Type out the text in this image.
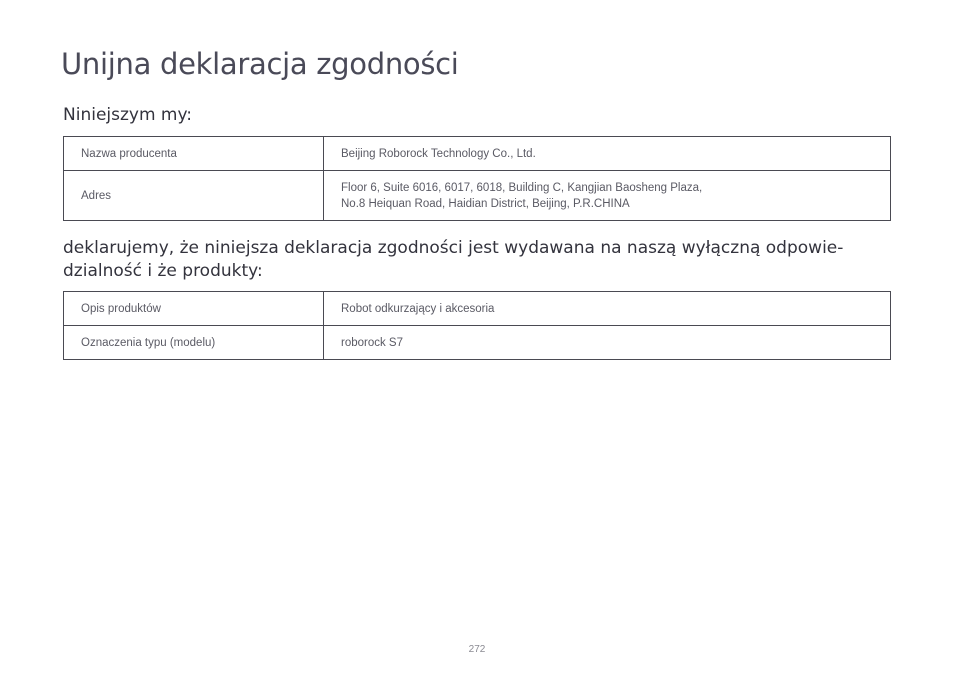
Unijna deklaracja zgodności
Niniejszym my:
Nazwa producenta	Beijing Roborock Technology Co., Ltd.

Adres	Floor 6, Suite 6016, 6017, 6018, Building C, Kangjian Baosheng Plaza,
No.8 Heiquan Road, Haidian District, Beijing, P.R.CHINA
deklarujemy, że niniejsza deklaracja zgodności jest wydawana na naszą wyłączną odpowie-dzialność i że produkty:
Opis produktów	Robot odkurzający i akcesoria

Oznaczenia typu (modelu)	roborock S7
272
